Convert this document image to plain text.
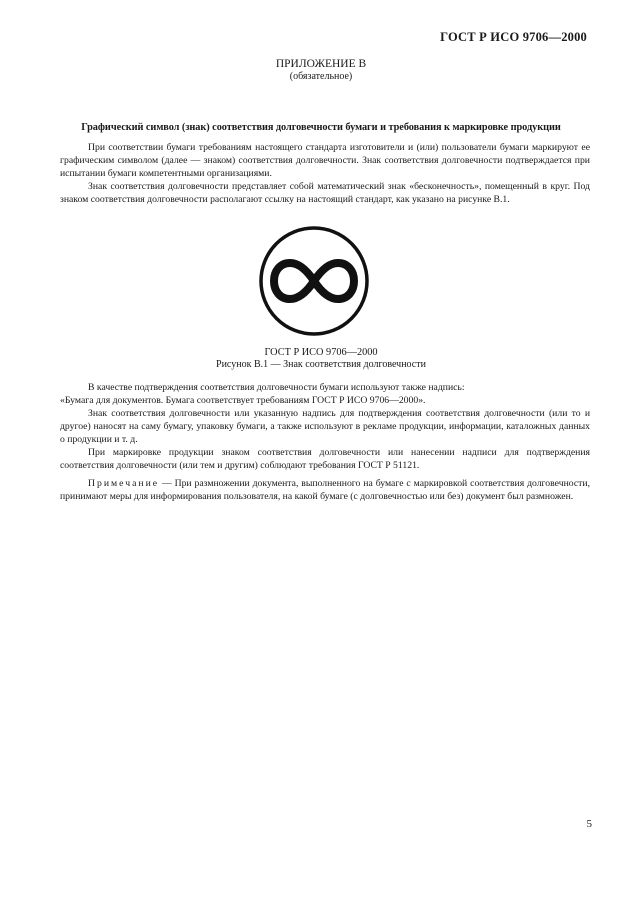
ГОСТ Р ИСО 9706—2000
ПРИЛОЖЕНИЕ В
(обязательное)
Графический символ (знак) соответствия долговечности бумаги и требования к маркировке продукции

При соответствии бумаги требованиям настоящего стандарта изготовители и (или) пользователи бумаги маркируют ее графическим символом (далее — знаком) соответствия долговечности. Знак соответствия долговечности подтверждается при испытании бумаги компетентными организациями.

Знак соответствия долговечности представляет собой математический знак «бесконечность», помещенный в круг. Под знаком соответствия долговечности располагают ссылку на настоящий стандарт, как указано на рисунке В.1.

ГОСТ Р ИСО 9706—2000
Рисунок В.1 — Знак соответствия долговечности

В качестве подтверждения соответствия долговечности бумаги используют также надпись:

«Бумага для документов. Бумага соответствует требованиям ГОСТ Р ИСО 9706—2000».

Знак соответствия долговечности или указанную надпись для подтверждения соответствия долговечности (или то и другое) наносят на саму бумагу, упаковку бумаги, а также используют в рекламе продукции, информации, каталожных данных о продукции и т. д.

При маркировке продукции знаком соответствия долговечности или нанесении надписи для подтверждения соответствия долговечности (или тем и другим) соблюдают требования ГОСТ Р 51121.

Примечание — При размножении документа, выполненного на бумаге с маркировкой соответствия долговечности, принимают меры для информирования пользователя, на какой бумаге (с долговечностью или без) документ был размножен.

5
